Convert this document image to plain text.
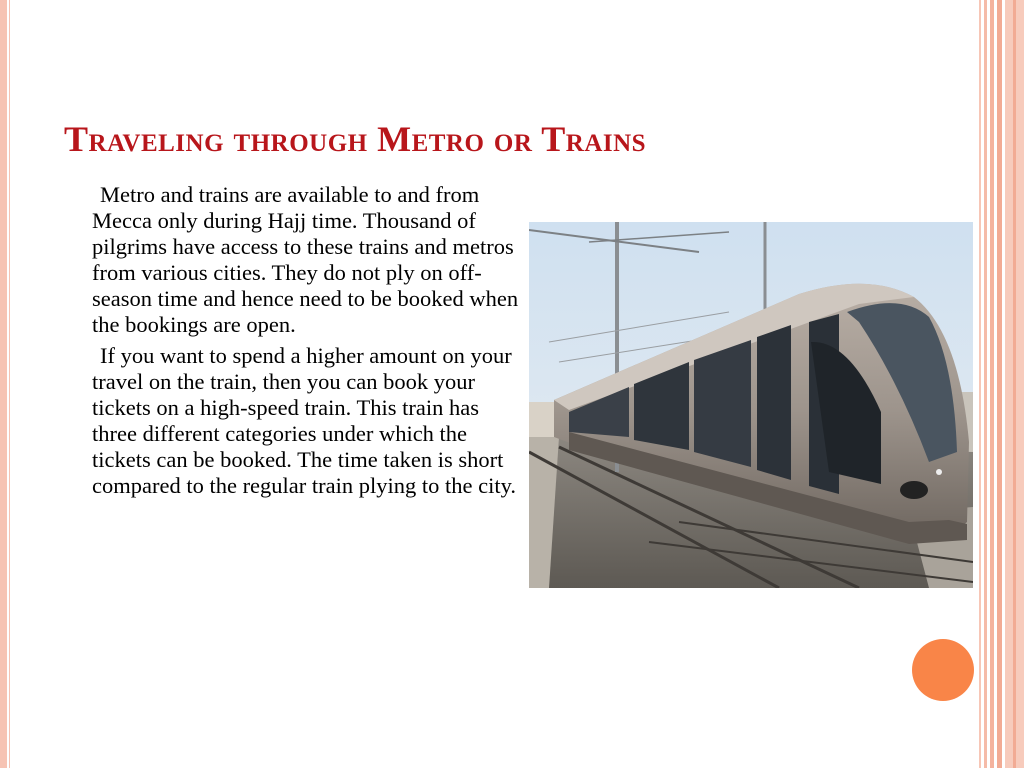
Traveling through Metro or Trains

Metro and trains are available to and from Mecca only during Hajj time. Thousand of pilgrims have access to these trains and metros from various cities. They do not ply on off-season time and hence need to be booked when the bookings are open.

If you want to spend a higher amount on your travel on the train, then you can book your tickets on a high-speed train. This train has three different categories under which the tickets can be booked. The time taken is short compared to the regular train plying to the city.
